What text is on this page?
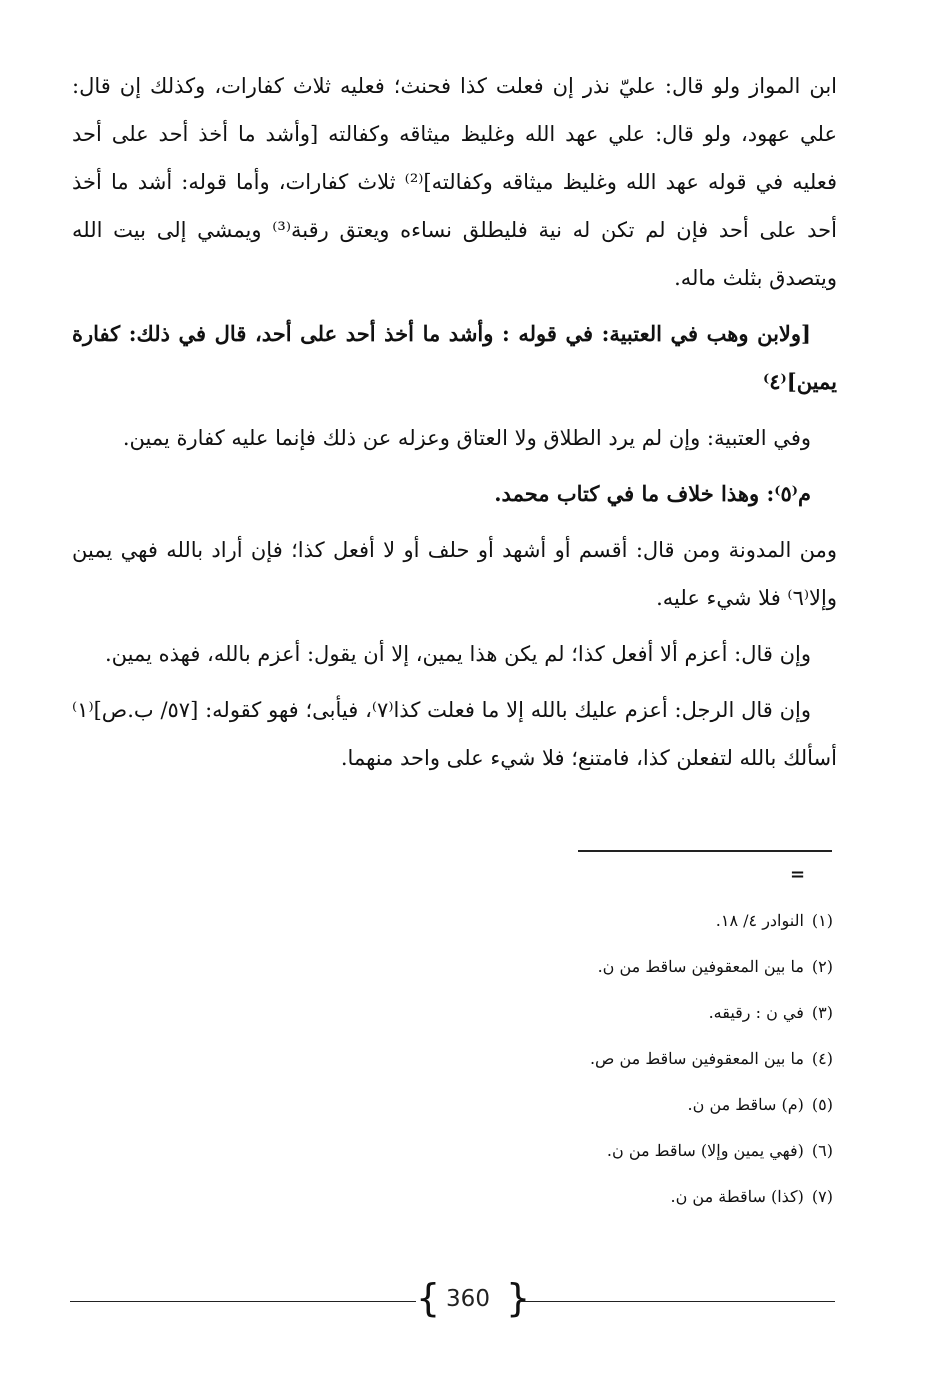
ابن المواز ولو قال: عليّ نذر إن فعلت كذا فحنث؛ فعليه ثلاث كفارات، وكذلك إن قال: علي عهود، ولو قال: علي عهد الله وغليظ ميثاقه وكفالته [وأشد ما أخذ أحد على أحد فعليه في قوله عهد الله وغليظ ميثاقه وكفالته]⁽²⁾ ثلاث كفارات، وأما قوله: أشد ما أخذ أحد على أحد فإن لم تكن له نية فليطلق نساءه ويعتق رقبة⁽³⁾ ويمشي إلى بيت الله ويتصدق بثلث ماله.

[ولابن وهب في العتبية: في قوله : وأشد ما أخذ أحد على أحد، قال في ذلك: كفارة يمين]⁽٤⁾

وفي العتبية: وإن لم يرد الطلاق ولا العتاق وعزله عن ذلك فإنما عليه كفارة يمين.

م⁽٥⁾: وهذا خلاف ما في كتاب محمد.

ومن المدونة ومن قال: أقسم أو أشهد أو حلف أو لا أفعل كذا؛ فإن أراد بالله فهي يمين وإلا⁽٦⁾ فلا شيء عليه.

وإن قال: أعزم ألا أفعل كذا؛ لم يكن هذا يمين، إلا أن يقول: أعزم بالله، فهذه يمين.

وإن قال الرجل: أعزم عليك بالله إلا ما فعلت كذا⁽٧⁾، فيأبى؛ فهو كقوله: [٥٧/ ب.ص]⁽١⁾ أسألك بالله لتفعلن كذا، فامتنع؛ فلا شيء على واحد منهما.

=

(١)النوادر ٤/ ١٨.

(٢)ما بين المعقوفين ساقط من ن.

(٣)في ن : رقيقه.

(٤)ما بين المعقوفين ساقط من ص.

(٥)(م) ساقط من ن.

(٦)(فهي يمين وإلا) ساقط من ن.

(٧)(كذا) ساقطة من ن.

{ 360 }
